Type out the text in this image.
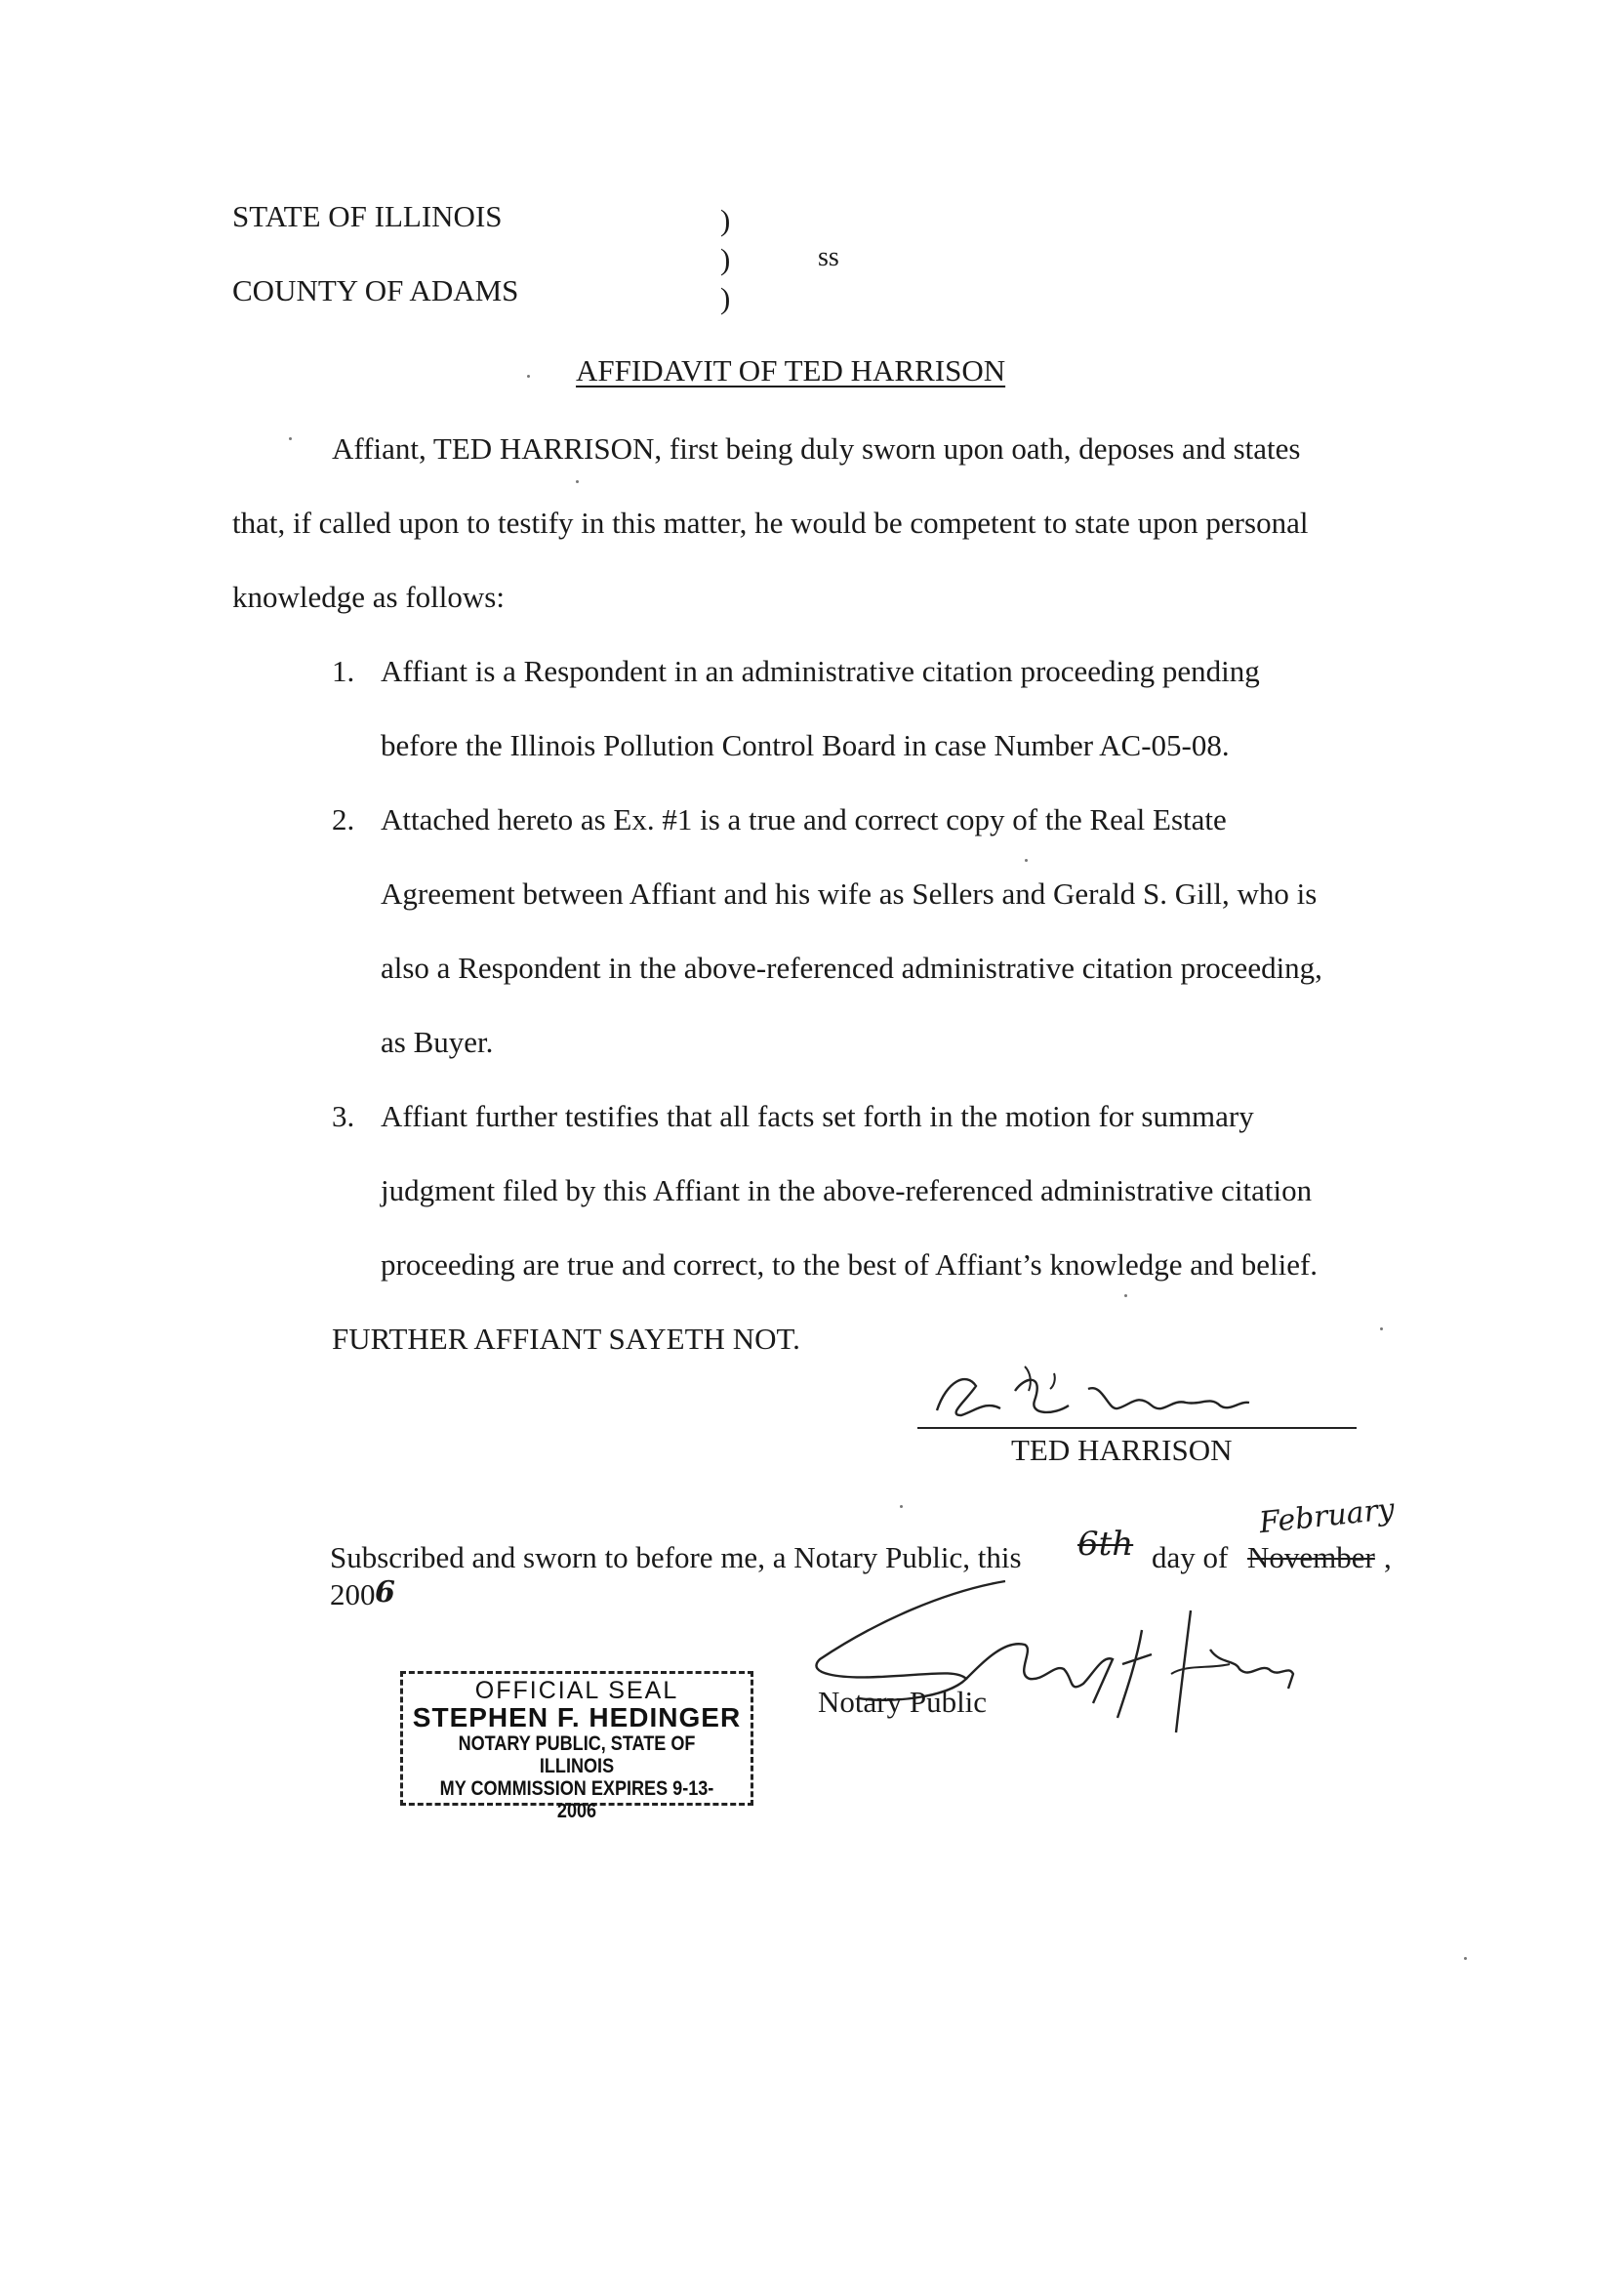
STATE OF ILLINOIS
COUNTY OF ADAMS
)
)
)
ss
AFFIDAVIT OF TED HARRISON
Affiant, TED HARRISON, first being duly sworn upon oath, deposes and states
that, if called upon to testify in this matter, he would be competent to state upon personal
knowledge as follows:
1. Affiant is a Respondent in an administrative citation proceeding pending
before the Illinois Pollution Control Board in case Number AC-05-08.
2. Attached hereto as Ex. #1 is a true and correct copy of the Real Estate
Agreement between Affiant and his wife as Sellers and Gerald S. Gill, who is
also a Respondent in the above-referenced administrative citation proceeding,
as Buyer.
3. Affiant further testifies that all facts set forth in the motion for summary
judgment filed by this Affiant in the above-referenced administrative citation
proceeding are true and correct, to the best of Affiant’s knowledge and belief.
FURTHER AFFIANT SAYETH NOT.
TED HARRISON
Subscribed and sworn to before me, a Notary Public, this 6th day of
February
November ,
200 6
Notary Public
OFFICIAL SEAL
STEPHEN F. HEDINGER
NOTARY PUBLIC, STATE OF ILLINOIS
MY COMMISSION EXPIRES 9-13-2006
